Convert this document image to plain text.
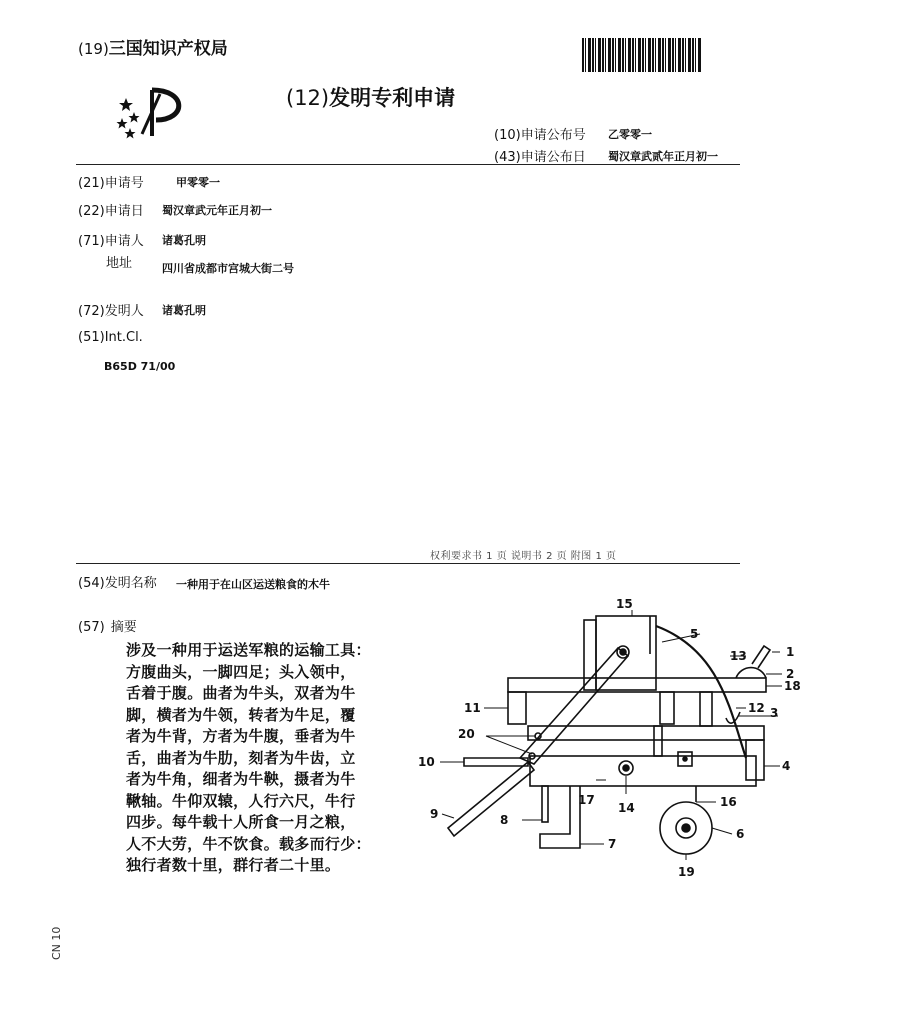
(19)三国知识产权局
(12)发明专利申请
(10)申请公布号 乙零零一
(43)申请公布日 蜀汉章武贰年正月初一
(21)申请号	甲零零一
(22)申请日 蜀汉章武元年正月初一
(71)申请人 诸葛孔明
地址	四川省成都市宫城大街二号
(72)发明人 诸葛孔明
(51)Int.Cl.
B65D 71/00
权利要求书 1 页 说明书 2 页 附图 1 页
(54)发明名称 一种用于在山区运送粮食的木牛
(57) 摘要
涉及一种用于运送军粮的运输工具：
方腹曲头，一脚四足；头入领中，
舌着于腹。曲者为牛头，双者为牛
脚，横者为牛领，转者为牛足，覆
者为牛背，方者为牛腹，垂者为牛
舌，曲者为牛肋，刻者为牛齿，立
者为牛角，细者为牛鞅，摄者为牛
鞦轴。牛仰双辕，人行六尺，牛行
四步。每牛载十人所食一月之粮，
人不大劳，牛不饮食。载多而行少：
独行者数十里，群行者二十里。
1
2
3
4
5
6
7
8
9
10
11	12
13
14
15
16
17
18
19
20
CN 10
